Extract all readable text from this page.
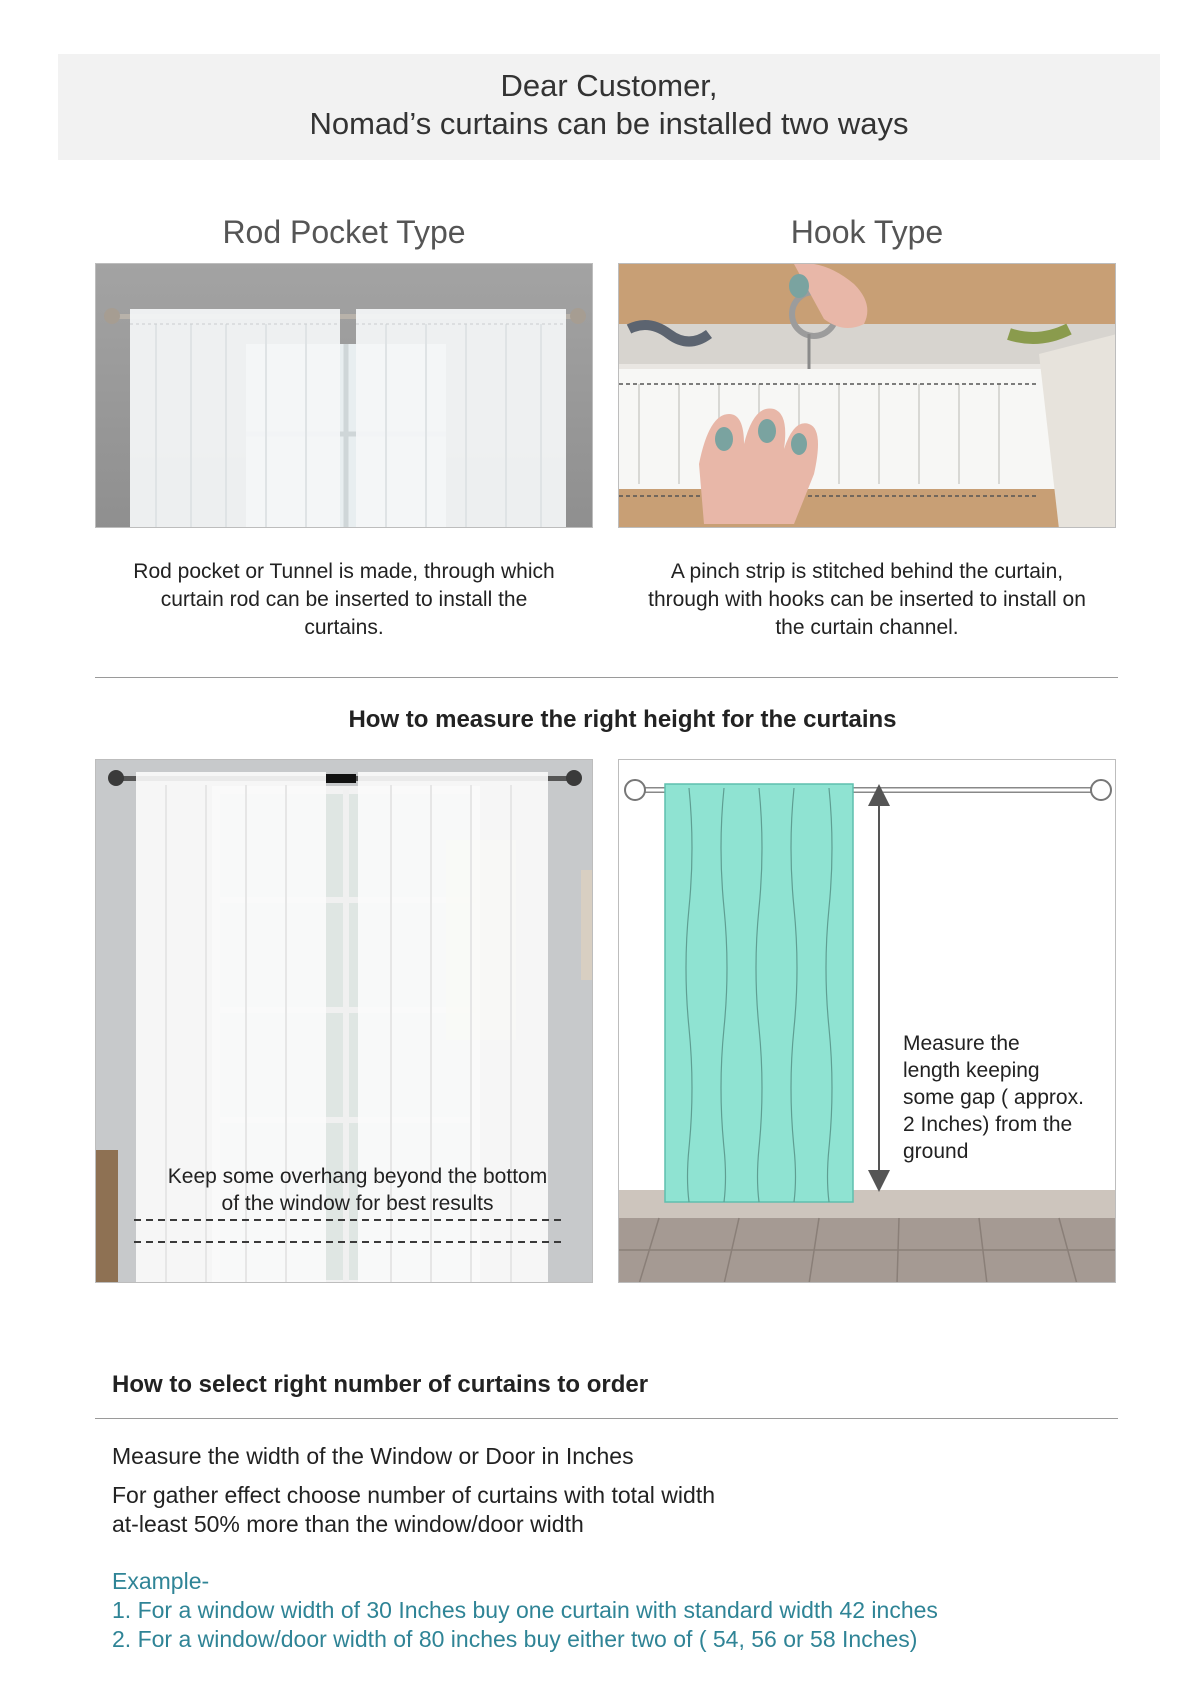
Dear Customer,
Nomad’s curtains can be installed two ways
Rod Pocket Type	Hook Type
Rod pocket or Tunnel is made, through which
curtain rod can be inserted to install the
curtains.
A pinch strip is stitched behind the curtain,
through with hooks can be inserted to install on
the curtain channel.
How to measure the right height for the curtains
Keep some overhang beyond the bottom
of the window for best results
Measure the
length keeping
some gap ( approx.
2 Inches) from the
ground
How to select right number of curtains to order
Measure the width of the Window or Door in Inches
For gather effect choose number of curtains with total width
at-least 50% more than the window/door width
Example-
1. For a window width of 30 Inches buy one curtain with standard width 42 inches
2. For a window/door width of 80 inches buy either two of ( 54, 56 or 58 Inches)
